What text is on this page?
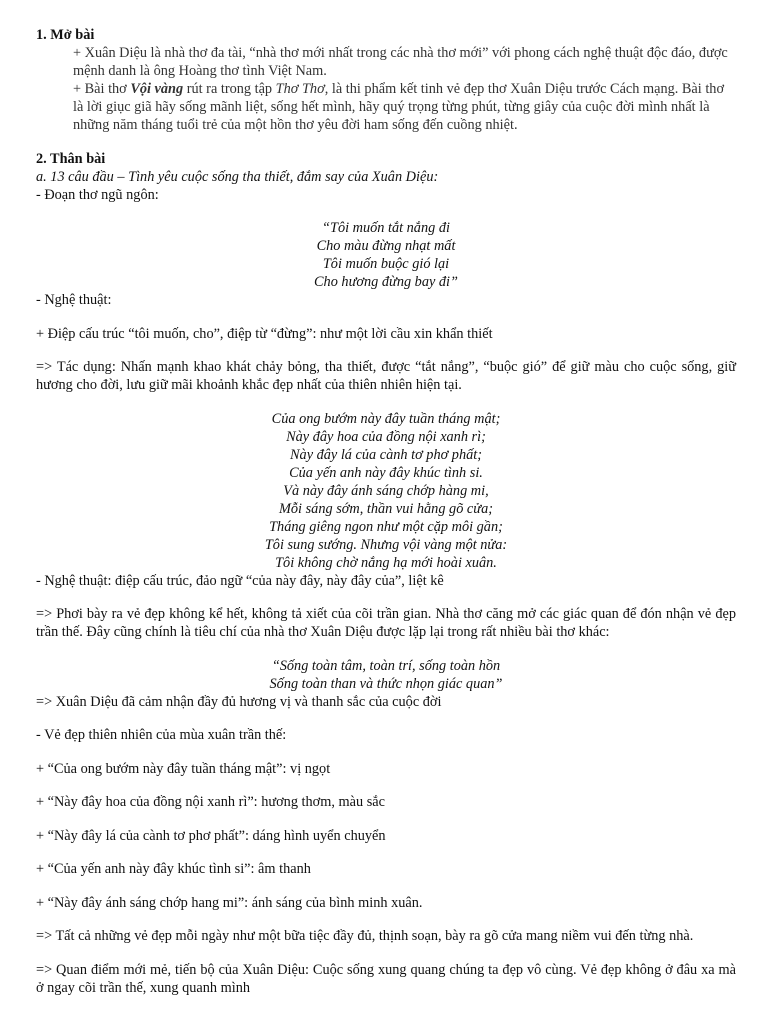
1. Mở bài

+ Xuân Diệu là nhà thơ đa tài, “nhà thơ mới nhất trong các nhà thơ mới” với phong cách nghệ thuật độc đáo, được mệnh danh là ông Hoàng thơ tình Việt Nam.

+ Bài thơ Vội vàng rút ra trong tập Thơ Thơ, là thi phẩm kết tinh vẻ đẹp thơ Xuân Diệu trước Cách mạng. Bài thơ là lời giục giã hãy sống mãnh liệt, sống hết mình, hãy quý trọng từng phút, từng giây của cuộc đời mình nhất là những năm tháng tuổi trẻ của một hồn thơ yêu đời ham sống đến cuồng nhiệt.

2. Thân bài

a. 13 câu đầu – Tình yêu cuộc sống tha thiết, đắm say của Xuân Diệu:

- Đoạn thơ ngũ ngôn:

“Tôi muốn tắt nắng đi

Cho màu đừng nhạt mất

Tôi muốn buộc gió lại

Cho hương đừng bay đi”

- Nghệ thuật:

+ Điệp cấu trúc “tôi muốn, cho”, điệp từ “đừng”: như một lời cầu xin khẩn thiết

=> Tác dụng: Nhấn mạnh khao khát chảy bỏng, tha thiết, được “tắt nắng”, “buộc gió” để giữ màu cho cuộc sống, giữ hương cho đời, lưu giữ mãi khoảnh khắc đẹp nhất của thiên nhiên hiện tại.

Của ong bướm này đây tuần tháng mật;

Này đây hoa của đồng nội xanh rì;

Này đây lá của cành tơ phơ phất;

Của yến anh này đây khúc tình si.

Và này đây ánh sáng chớp hàng mi,

Mỗi sáng sớm, thần vui hằng gõ cửa;

Tháng giêng ngon như một cặp môi gần;

Tôi sung sướng. Nhưng vội vàng một nửa:

Tôi không chờ nắng hạ mới hoài xuân.

- Nghệ thuật: điệp cấu trúc, đảo ngữ “của này đây, này đây của”, liệt kê

=> Phơi bày ra vẻ đẹp không kể hết, không tả xiết của cõi trần gian. Nhà thơ căng mở các giác quan để đón nhận vẻ đẹp trần thế. Đây cũng chính là tiêu chí của nhà thơ Xuân Diệu được lặp lại trong rất nhiều bài thơ khác:

“Sống toàn tâm, toàn trí, sống toàn hồn

Sống toàn than và thức nhọn giác quan”

=> Xuân Diệu đã cảm nhận đầy đủ hương vị và thanh sắc của cuộc đời

- Vẻ đẹp thiên nhiên của mùa xuân trần thế:

+ “Của ong bướm này đây tuần tháng mật”: vị ngọt

+ “Này đây hoa của đồng nội xanh rì”: hương thơm, màu sắc

+ “Này đây lá của cành tơ phơ phất”: dáng hình uyển chuyển

+ “Của yến anh này đây khúc tình si”: âm thanh

+ “Này đây ánh sáng chớp hang mi”: ánh sáng của bình minh xuân.

=> Tất cả những vẻ đẹp mỗi ngày như một bữa tiệc đầy đủ, thịnh soạn, bày ra gõ cửa mang niềm vui đến từng nhà.

=> Quan điểm mới mẻ, tiến bộ của Xuân Diệu: Cuộc sống xung quang chúng ta đẹp vô cùng. Vẻ đẹp không ở đâu xa mà ở ngay cõi trần thế, xung quanh mình
